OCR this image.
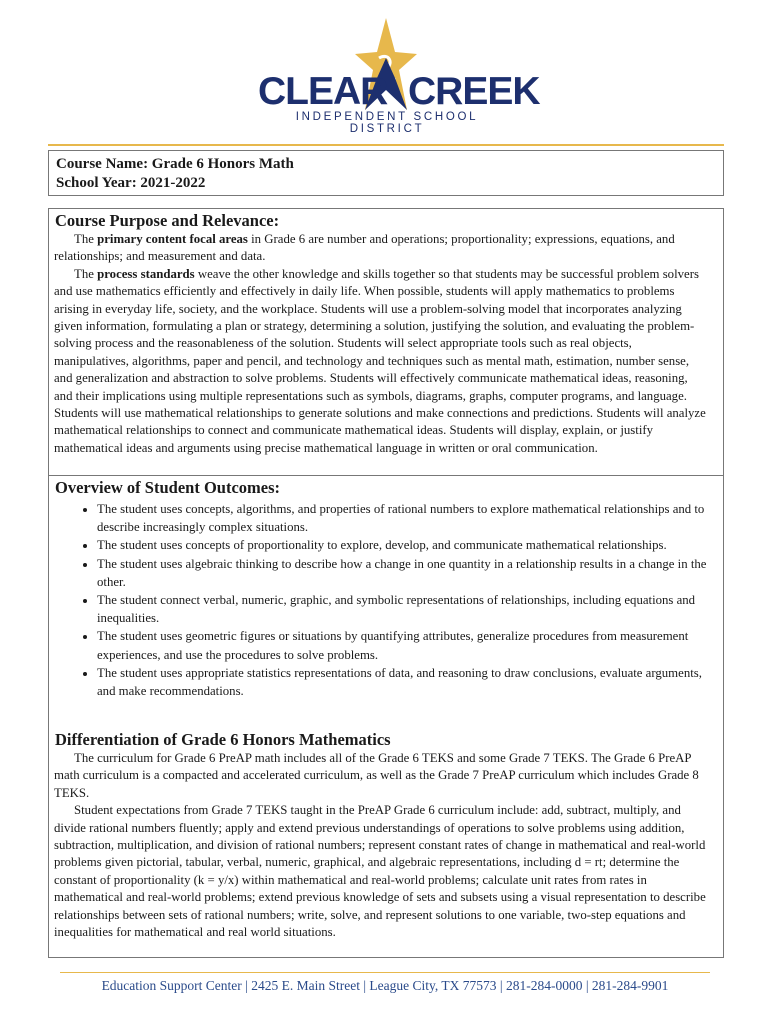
CLEAR CREEK
INDEPENDENT SCHOOL DISTRICT
Course Name: Grade 6 Honors Math
School Year: 2021-2022
Course Purpose and Relevance:
The primary content focal areas in Grade 6 are number and operations; proportionality; expressions, equations, and relationships; and measurement and data.
The process standards weave the other knowledge and skills together so that students may be successful problem solvers and use mathematics efficiently and effectively in daily life. When possible, students will apply mathematics to problems arising in everyday life, society, and the workplace. Students will use a problem-solving model that incorporates analyzing given information, formulating a plan or strategy, determining a solution, justifying the solution, and evaluating the problem-solving process and the reasonableness of the solution. Students will select appropriate tools such as real objects, manipulatives, algorithms, paper and pencil, and technology and techniques such as mental math, estimation, number sense, and generalization and abstraction to solve problems. Students will effectively communicate mathematical ideas, reasoning, and their implications using multiple representations such as symbols, diagrams, graphs, computer programs, and language. Students will use mathematical relationships to generate solutions and make connections and predictions. Students will analyze mathematical relationships to connect and communicate mathematical ideas. Students will display, explain, or justify mathematical ideas and arguments using precise mathematical language in written or oral communication.
Overview of Student Outcomes:
• The student uses concepts, algorithms, and properties of rational numbers to explore mathematical relationships and to describe increasingly complex situations.
• The student uses concepts of proportionality to explore, develop, and communicate mathematical relationships.
• The student uses algebraic thinking to describe how a change in one quantity in a relationship results in a change in the other.
• The student connect verbal, numeric, graphic, and symbolic representations of relationships, including equations and inequalities.
• The student uses geometric figures or situations by quantifying attributes, generalize procedures from measurement experiences, and use the procedures to solve problems.
• The student uses appropriate statistics representations of data, and reasoning to draw conclusions, evaluate arguments, and make recommendations.
Differentiation of Grade 6 Honors Mathematics
The curriculum for Grade 6 PreAP math includes all of the Grade 6 TEKS and some Grade 7 TEKS. The Grade 6 PreAP math curriculum is a compacted and accelerated curriculum, as well as the Grade 7 PreAP curriculum which includes Grade 8 TEKS.
Student expectations from Grade 7 TEKS taught in the PreAP Grade 6 curriculum include: add, subtract, multiply, and divide rational numbers fluently; apply and extend previous understandings of operations to solve problems using addition, subtraction, multiplication, and division of rational numbers; represent constant rates of change in mathematical and real-world problems given pictorial, tabular, verbal, numeric, graphical, and algebraic representations, including d = rt; determine the constant of proportionality (k = y/x) within mathematical and real-world problems; calculate unit rates from rates in mathematical and real-world problems; extend previous knowledge of sets and subsets using a visual representation to describe relationships between sets of rational numbers; write, solve, and represent solutions to one variable, two-step equations and inequalities for mathematical and real world situations.
Education Support Center | 2425 E. Main Street | League City, TX 77573 | 281-284-0000 | 281-284-9901
